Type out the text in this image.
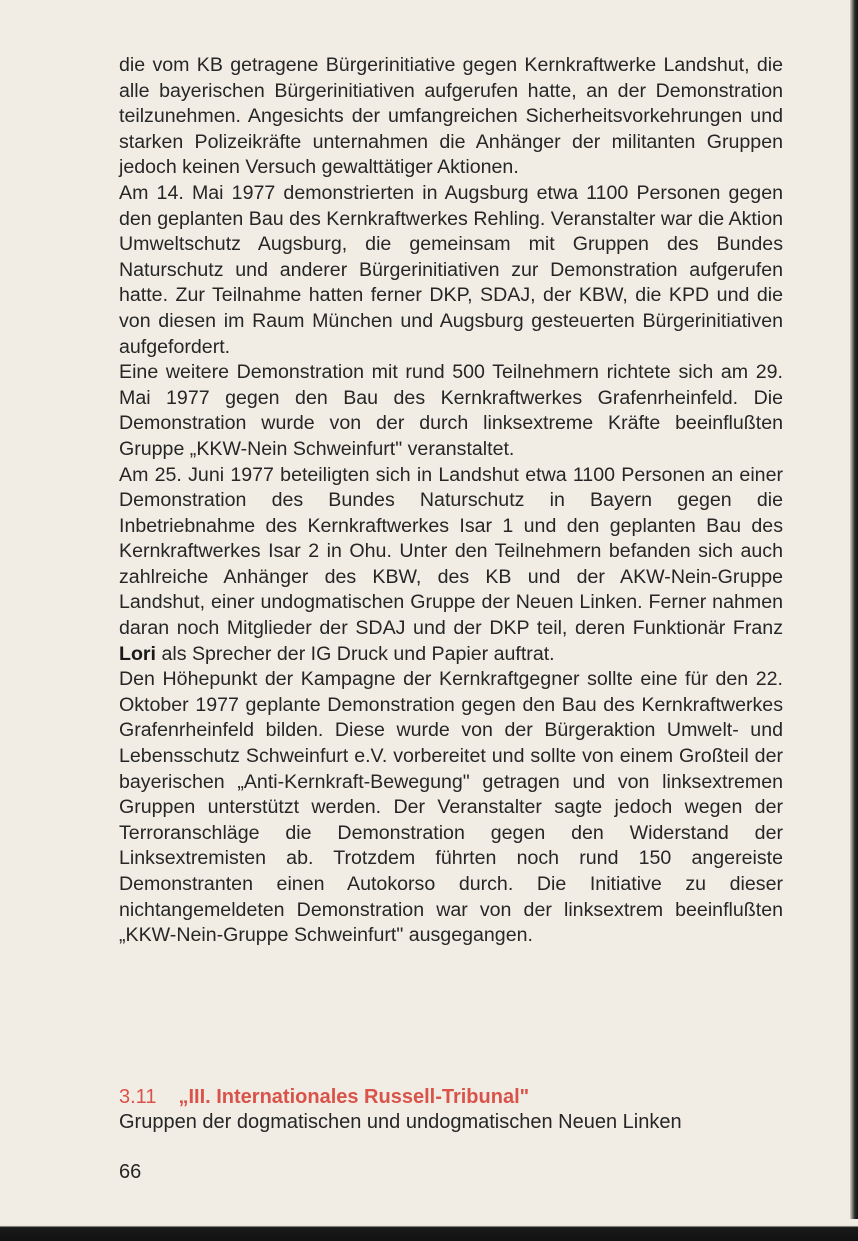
die vom KB getragene Bürgerinitiative gegen Kernkraftwerke Landshut, die alle bayerischen Bürgerinitiativen aufgerufen hatte, an der Demonstration teilzunehmen. Angesichts der umfangreichen Sicherheitsvorkehrungen und starken Polizeikräfte unternahmen die Anhänger der militanten Gruppen jedoch keinen Versuch gewalttätiger Aktionen.

Am 14. Mai 1977 demonstrierten in Augsburg etwa 1100 Personen gegen den geplanten Bau des Kernkraftwerkes Rehling. Veranstalter war die Aktion Umweltschutz Augsburg, die gemeinsam mit Gruppen des Bundes Naturschutz und anderer Bürgerinitiativen zur Demonstration aufgerufen hatte. Zur Teilnahme hatten ferner DKP, SDAJ, der KBW, die KPD und die von diesen im Raum München und Augsburg gesteuerten Bürgerinitiativen aufgefordert.

Eine weitere Demonstration mit rund 500 Teilnehmern richtete sich am 29. Mai 1977 gegen den Bau des Kernkraftwerkes Grafenrheinfeld. Die Demonstration wurde von der durch linksextreme Kräfte beeinflußten Gruppe „KKW-Nein Schweinfurt" veranstaltet.

Am 25. Juni 1977 beteiligten sich in Landshut etwa 1100 Personen an einer Demonstration des Bundes Naturschutz in Bayern gegen die Inbetriebnahme des Kernkraftwerkes Isar 1 und den geplanten Bau des Kernkraftwerkes Isar 2 in Ohu. Unter den Teilnehmern befanden sich auch zahlreiche Anhänger des KBW, des KB und der AKW-Nein-Gruppe Landshut, einer undogmatischen Gruppe der Neuen Linken. Ferner nahmen daran noch Mitglieder der SDAJ und der DKP teil, deren Funktionär Franz Lori als Sprecher der IG Druck und Papier auftrat.

Den Höhepunkt der Kampagne der Kernkraftgegner sollte eine für den 22. Oktober 1977 geplante Demonstration gegen den Bau des Kernkraftwerkes Grafenrheinfeld bilden. Diese wurde von der Bürgeraktion Umwelt- und Lebensschutz Schweinfurt e.V. vorbereitet und sollte von einem Großteil der bayerischen „Anti-Kernkraft-Bewegung" getragen und von linksextremen Gruppen unterstützt werden. Der Veranstalter sagte jedoch wegen der Terroranschläge die Demonstration gegen den Widerstand der Linksextremisten ab. Trotzdem führten noch rund 150 angereiste Demonstranten einen Autokorso durch. Die Initiative zu dieser nichtangemeldeten Demonstration war von der linksextrem beeinflußten „KKW-Nein-Gruppe Schweinfurt" ausgegangen.

3.11 „III. Internationales Russell-Tribunal"
Gruppen der dogmatischen und undogmatischen Neuen Linken
66
